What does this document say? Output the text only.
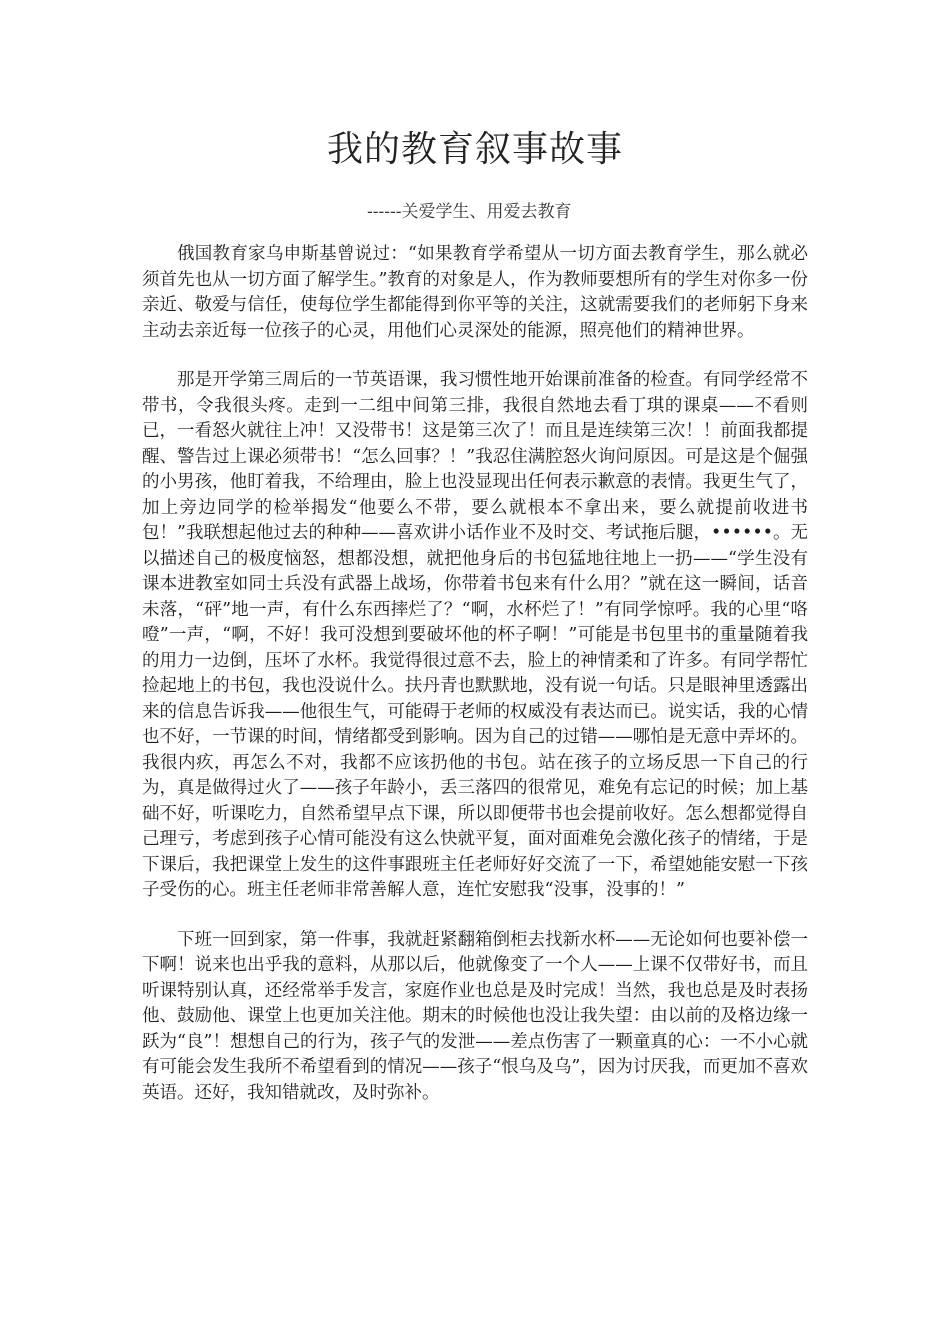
我的教育叙事故事

------关爱学生、用爱去教育

俄国教育家乌申斯基曾说过：“如果教育学希望从一切方面去教育学生，那么就必须首先也从一切方面了解学生。”教育的对象是人，作为教师要想所有的学生对你多一份亲近、敬爱与信任，使每位学生都能得到你平等的关注，这就需要我们的老师躬下身来主动去亲近每一位孩子的心灵，用他们心灵深处的能源，照亮他们的精神世界。

那是开学第三周后的一节英语课，我习惯性地开始课前准备的检查。有同学经常不带书，令我很头疼。走到一二组中间第三排，我很自然地去看丁琪的课桌——不看则已，一看怒火就往上冲！又没带书！这是第三次了！而且是连续第三次！！前面我都提醒、警告过上课必须带书！“怎么回事？！”我忍住满腔怒火询问原因。可是这是个倔强的小男孩，他盯着我，不给理由，脸上也没显现出任何表示歉意的表情。我更生气了，加上旁边同学的检举揭发“他要么不带，要么就根本不拿出来，要么就提前收进书包！”我联想起他过去的种种——喜欢讲小话作业不及时交、考试拖后腿，••••••。无以描述自己的极度恼怒，想都没想，就把他身后的书包猛地往地上一扔——“学生没有课本进教室如同士兵没有武器上战场，你带着书包来有什么用？”就在这一瞬间，话音未落，“砰”地一声，有什么东西摔烂了？“啊，水杯烂了！”有同学惊呼。我的心里“咯噔”一声，“啊，不好！我可没想到要破坏他的杯子啊！”可能是书包里书的重量随着我的用力一边倒，压坏了水杯。我觉得很过意不去，脸上的神情柔和了许多。有同学帮忙捡起地上的书包，我也没说什么。扶丹青也默默地，没有说一句话。只是眼神里透露出来的信息告诉我——他很生气，可能碍于老师的权威没有表达而已。说实话，我的心情也不好，一节课的时间，情绪都受到影响。因为自己的过错——哪怕是无意中弄坏的。我很内疚，再怎么不对，我都不应该扔他的书包。站在孩子的立场反思一下自己的行为，真是做得过火了——孩子年龄小，丢三落四的很常见，难免有忘记的时候；加上基础不好，听课吃力，自然希望早点下课，所以即便带书也会提前收好。怎么想都觉得自己理亏，考虑到孩子心情可能没有这么快就平复，面对面难免会激化孩子的情绪，于是下课后，我把课堂上发生的这件事跟班主任老师好好交流了一下，希望她能安慰一下孩子受伤的心。班主任老师非常善解人意，连忙安慰我“没事，没事的！”

下班一回到家，第一件事，我就赶紧翻箱倒柜去找新水杯——无论如何也要补偿一下啊！说来也出乎我的意料，从那以后，他就像变了一个人——上课不仅带好书，而且听课特别认真，还经常举手发言，家庭作业也总是及时完成！当然，我也总是及时表扬他、鼓励他、课堂上也更加关注他。期末的时候他也没让我失望：由以前的及格边缘一跃为“良”！想想自己的行为，孩子气的发泄——差点伤害了一颗童真的心：一不小心就有可能会发生我所不希望看到的情况——孩子“恨乌及乌”，因为讨厌我，而更加不喜欢英语。还好，我知错就改，及时弥补。
